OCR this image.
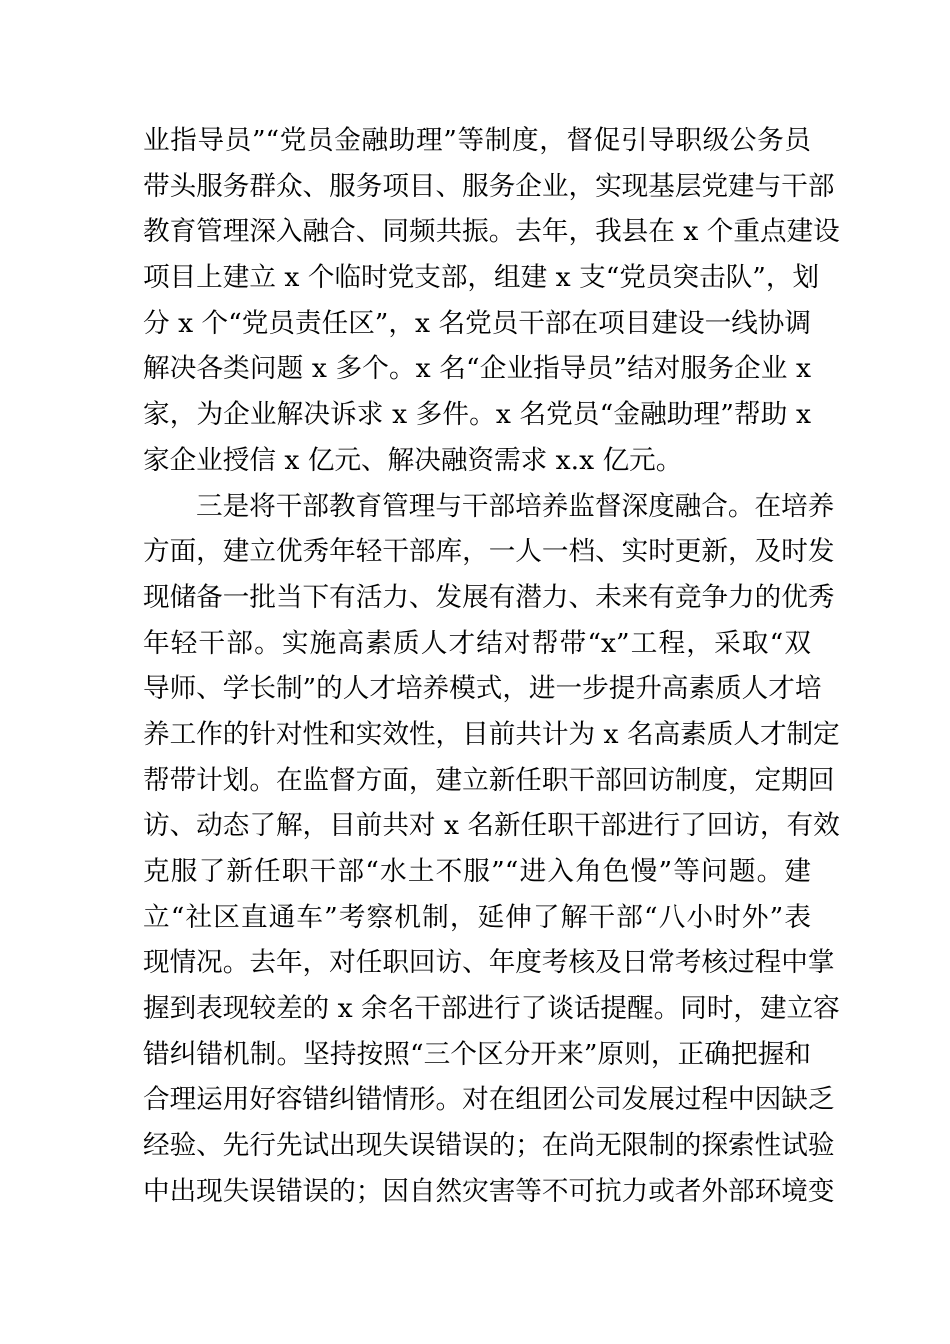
业指导员”“党员金融助理”等制度，督促引导职级公务员
带头服务群众、服务项目、服务企业，实现基层党建与干部
教育管理深入融合、同频共振。去年，我县在 x 个重点建设
项目上建立 x 个临时党支部，组建 x 支“党员突击队”，划
分 x 个“党员责任区”，x 名党员干部在项目建设一线协调
解决各类问题 x 多个。x 名“企业指导员”结对服务企业 x
家，为企业解决诉求 x 多件。x 名党员“金融助理”帮助 x
家企业授信 x 亿元、解决融资需求 x.x 亿元。
三是将干部教育管理与干部培养监督深度融合。在培养
方面，建立优秀年轻干部库，一人一档、实时更新，及时发
现储备一批当下有活力、发展有潜力、未来有竞争力的优秀
年轻干部。实施高素质人才结对帮带“x”工程，采取“双
导师、学长制”的人才培养模式，进一步提升高素质人才培
养工作的针对性和实效性，目前共计为 x 名高素质人才制定
帮带计划。在监督方面，建立新任职干部回访制度，定期回
访、动态了解，目前共对 x 名新任职干部进行了回访，有效
克服了新任职干部“水土不服”“进入角色慢”等问题。建
立“社区直通车”考察机制，延伸了解干部“八小时外”表
现情况。去年，对任职回访、年度考核及日常考核过程中掌
握到表现较差的 x 余名干部进行了谈话提醒。同时，建立容
错纠错机制。坚持按照“三个区分开来”原则，正确把握和
合理运用好容错纠错情形。对在组团公司发展过程中因缺乏
经验、先行先试出现失误错误的；在尚无限制的探索性试验
中出现失误错误的；因自然灾害等不可抗力或者外部环境变
